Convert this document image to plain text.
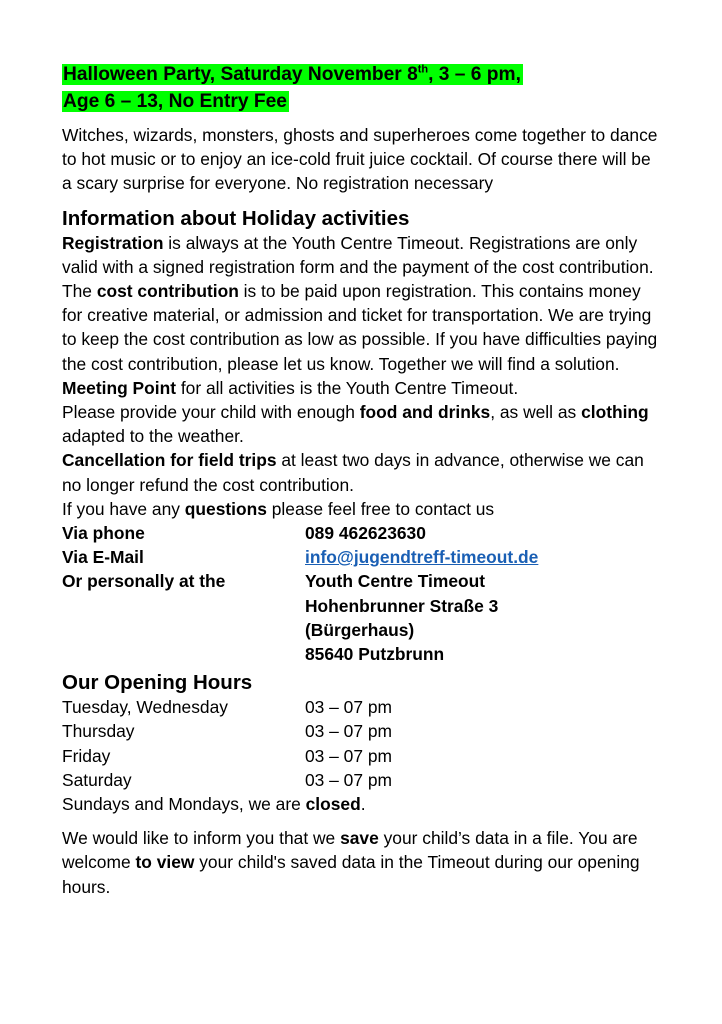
Halloween Party, Saturday November 8th, 3 – 6 pm,
Age 6 – 13, No Entry Fee

Witches, wizards, monsters, ghosts and superheroes come together to dance to hot music or to enjoy an ice-cold fruit juice cocktail. Of course there will be a scary surprise for everyone. No registration necessary

Information about Holiday activities

Registration is always at the Youth Centre Timeout. Registrations are only valid with a signed registration form and the payment of the cost contribution.

The cost contribution is to be paid upon registration. This contains money for creative material, or admission and ticket for transportation. We are trying to keep the cost contribution as low as possible. If you have difficulties paying the cost contribution, please let us know. Together we will find a solution.

Meeting Point for all activities is the Youth Centre Timeout.

Please provide your child with enough food and drinks, as well as clothing adapted to the weather.

Cancellation for field trips at least two days in advance, otherwise we can no longer refund the cost contribution.

If you have any questions please feel free to contact us

Via phone	089 462623630
Via E-Mail	info@jugendtreff-timeout.de
Or personally at the	Youth Centre Timeout
Hohenbrunner Straße 3
(Bürgerhaus)
85640 Putzbrunn
Our Opening Hours
Tuesday, Wednesday	03 – 07 pm
Thursday	03 – 07 pm
Friday	03 – 07 pm
Saturday	03 – 07 pm

Sundays and Mondays, we are closed.

We would like to inform you that we save your child’s data in a file. You are welcome to view your child's saved data in the Timeout during our opening hours.
